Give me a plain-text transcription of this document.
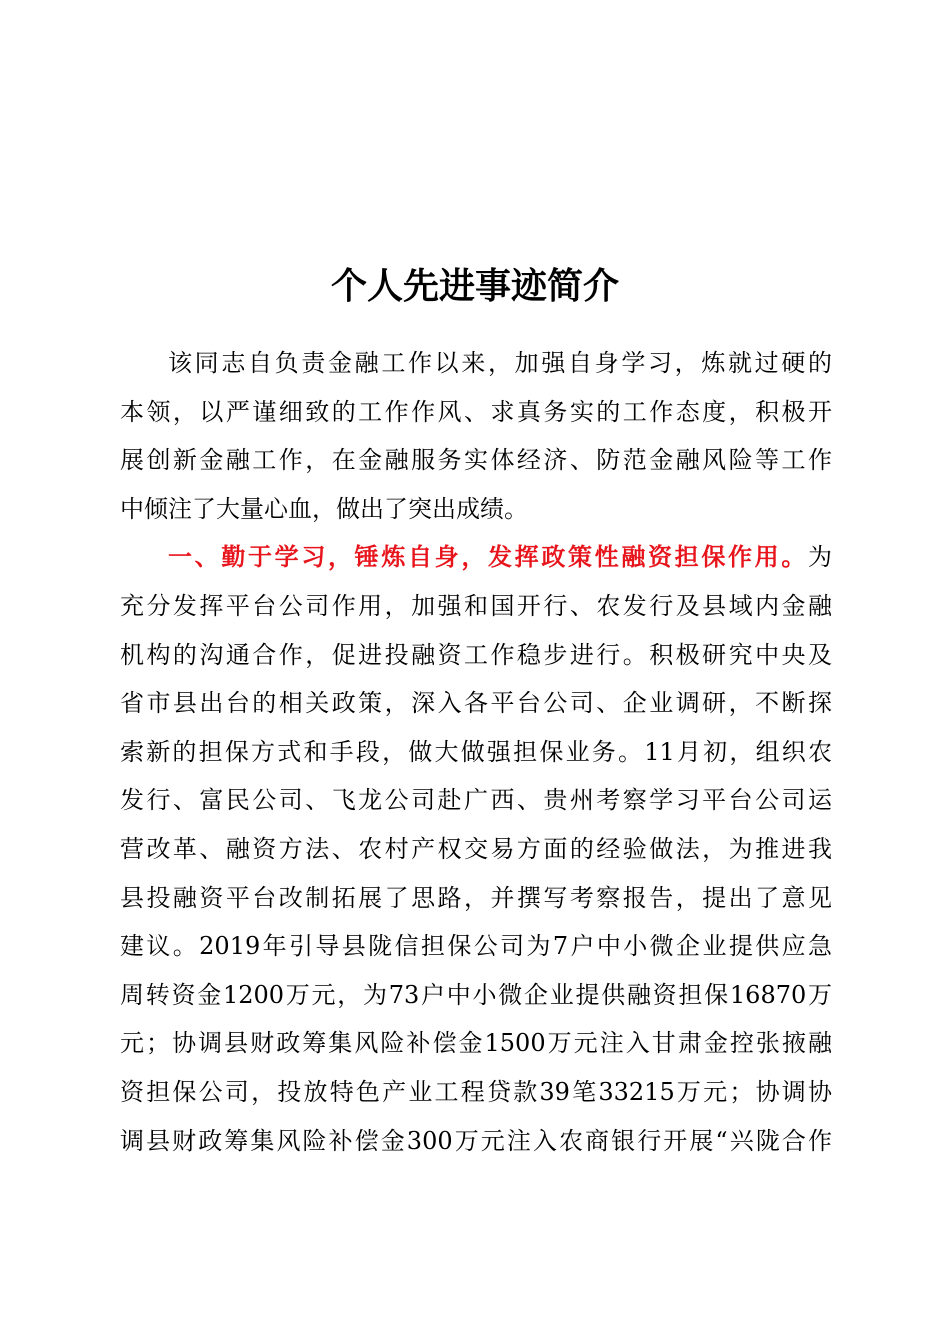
个人先进事迹简介
该同志自负责金融工作以来，加强自身学习，炼就过硬的
本领，以严谨细致的工作作风、求真务实的工作态度，积极开
展创新金融工作，在金融服务实体经济、防范金融风险等工作
中倾注了大量心血，做出了突出成绩。
一、勤于学习，锤炼自身，发挥政策性融资担保作用。为
充分发挥平台公司作用，加强和国开行、农发行及县域内金融
机构的沟通合作，促进投融资工作稳步进行。积极研究中央及
省市县出台的相关政策，深入各平台公司、企业调研，不断探
索新的担保方式和手段，做大做强担保业务。11月初，组织农
发行、富民公司、飞龙公司赴广西、贵州考察学习平台公司运
营改革、融资方法、农村产权交易方面的经验做法，为推进我
县投融资平台改制拓展了思路，并撰写考察报告，提出了意见
建议。2019年引导县陇信担保公司为7户中小微企业提供应急
周转资金1200万元，为73户中小微企业提供融资担保16870万
元；协调县财政筹集风险补偿金1500万元注入甘肃金控张掖融
资担保公司，投放特色产业工程贷款39笔33215万元；协调协
调县财政筹集风险补偿金300万元注入农商银行开展“兴陇合作
